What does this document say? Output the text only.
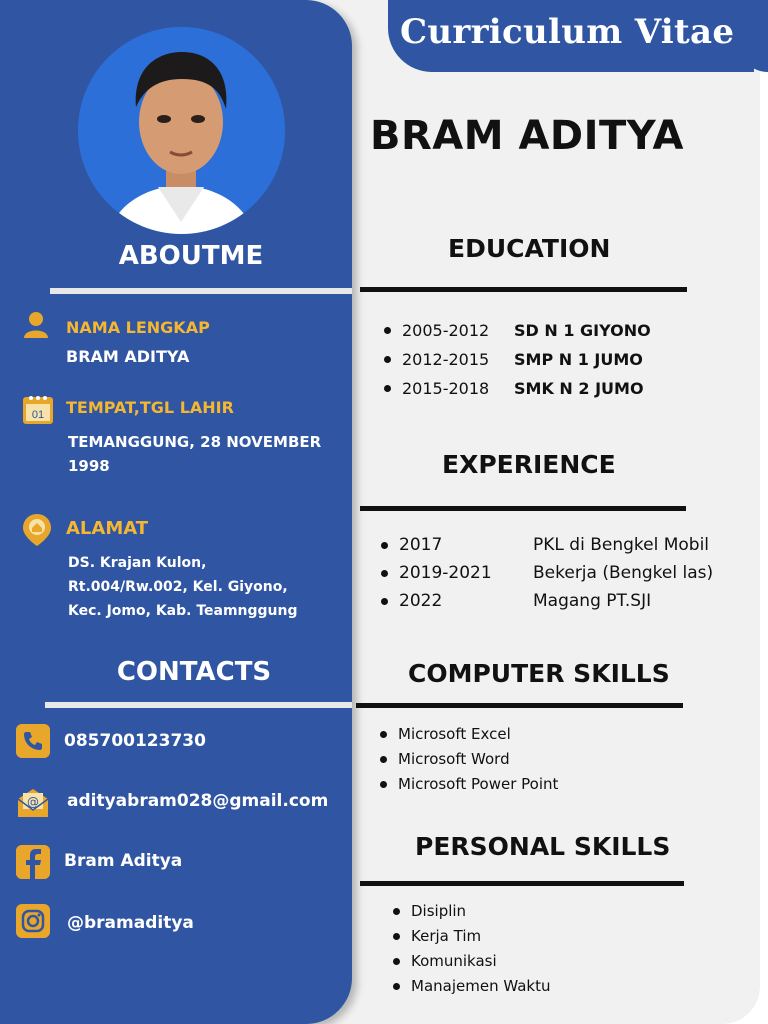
Curriculum Vitae
ABOUTME
NAMA LENGKAP
BRAM ADITYA
01 TEMPAT,TGL LAHIR
TEMANGGUNG, 28 NOVEMBER
1998
ALAMAT
DS. Krajan Kulon,
Rt.004/Rw.002, Kel. Giyono,
Kec. Jomo, Kab. Teamnggung
CONTACTS
085700123730
@ adityabram028@gmail.com
Bram Aditya
@bramaditya
BRAM ADITYA
EDUCATION
2005-2012 SD N 1 GIYONO
2012-2015 SMP N 1 JUMO
2015-2018 SMK N 2 JUMO
EXPERIENCE
2017	PKL di Bengkel Mobil
2019-2021 Bekerja (Bengkel las)
2022	Magang PT.SJI
COMPUTER SKILLS
Microsoft Excel
Microsoft Word
Microsoft Power Point
PERSONAL SKILLS
Disiplin
Kerja Tim
Komunikasi
Manajemen Waktu
